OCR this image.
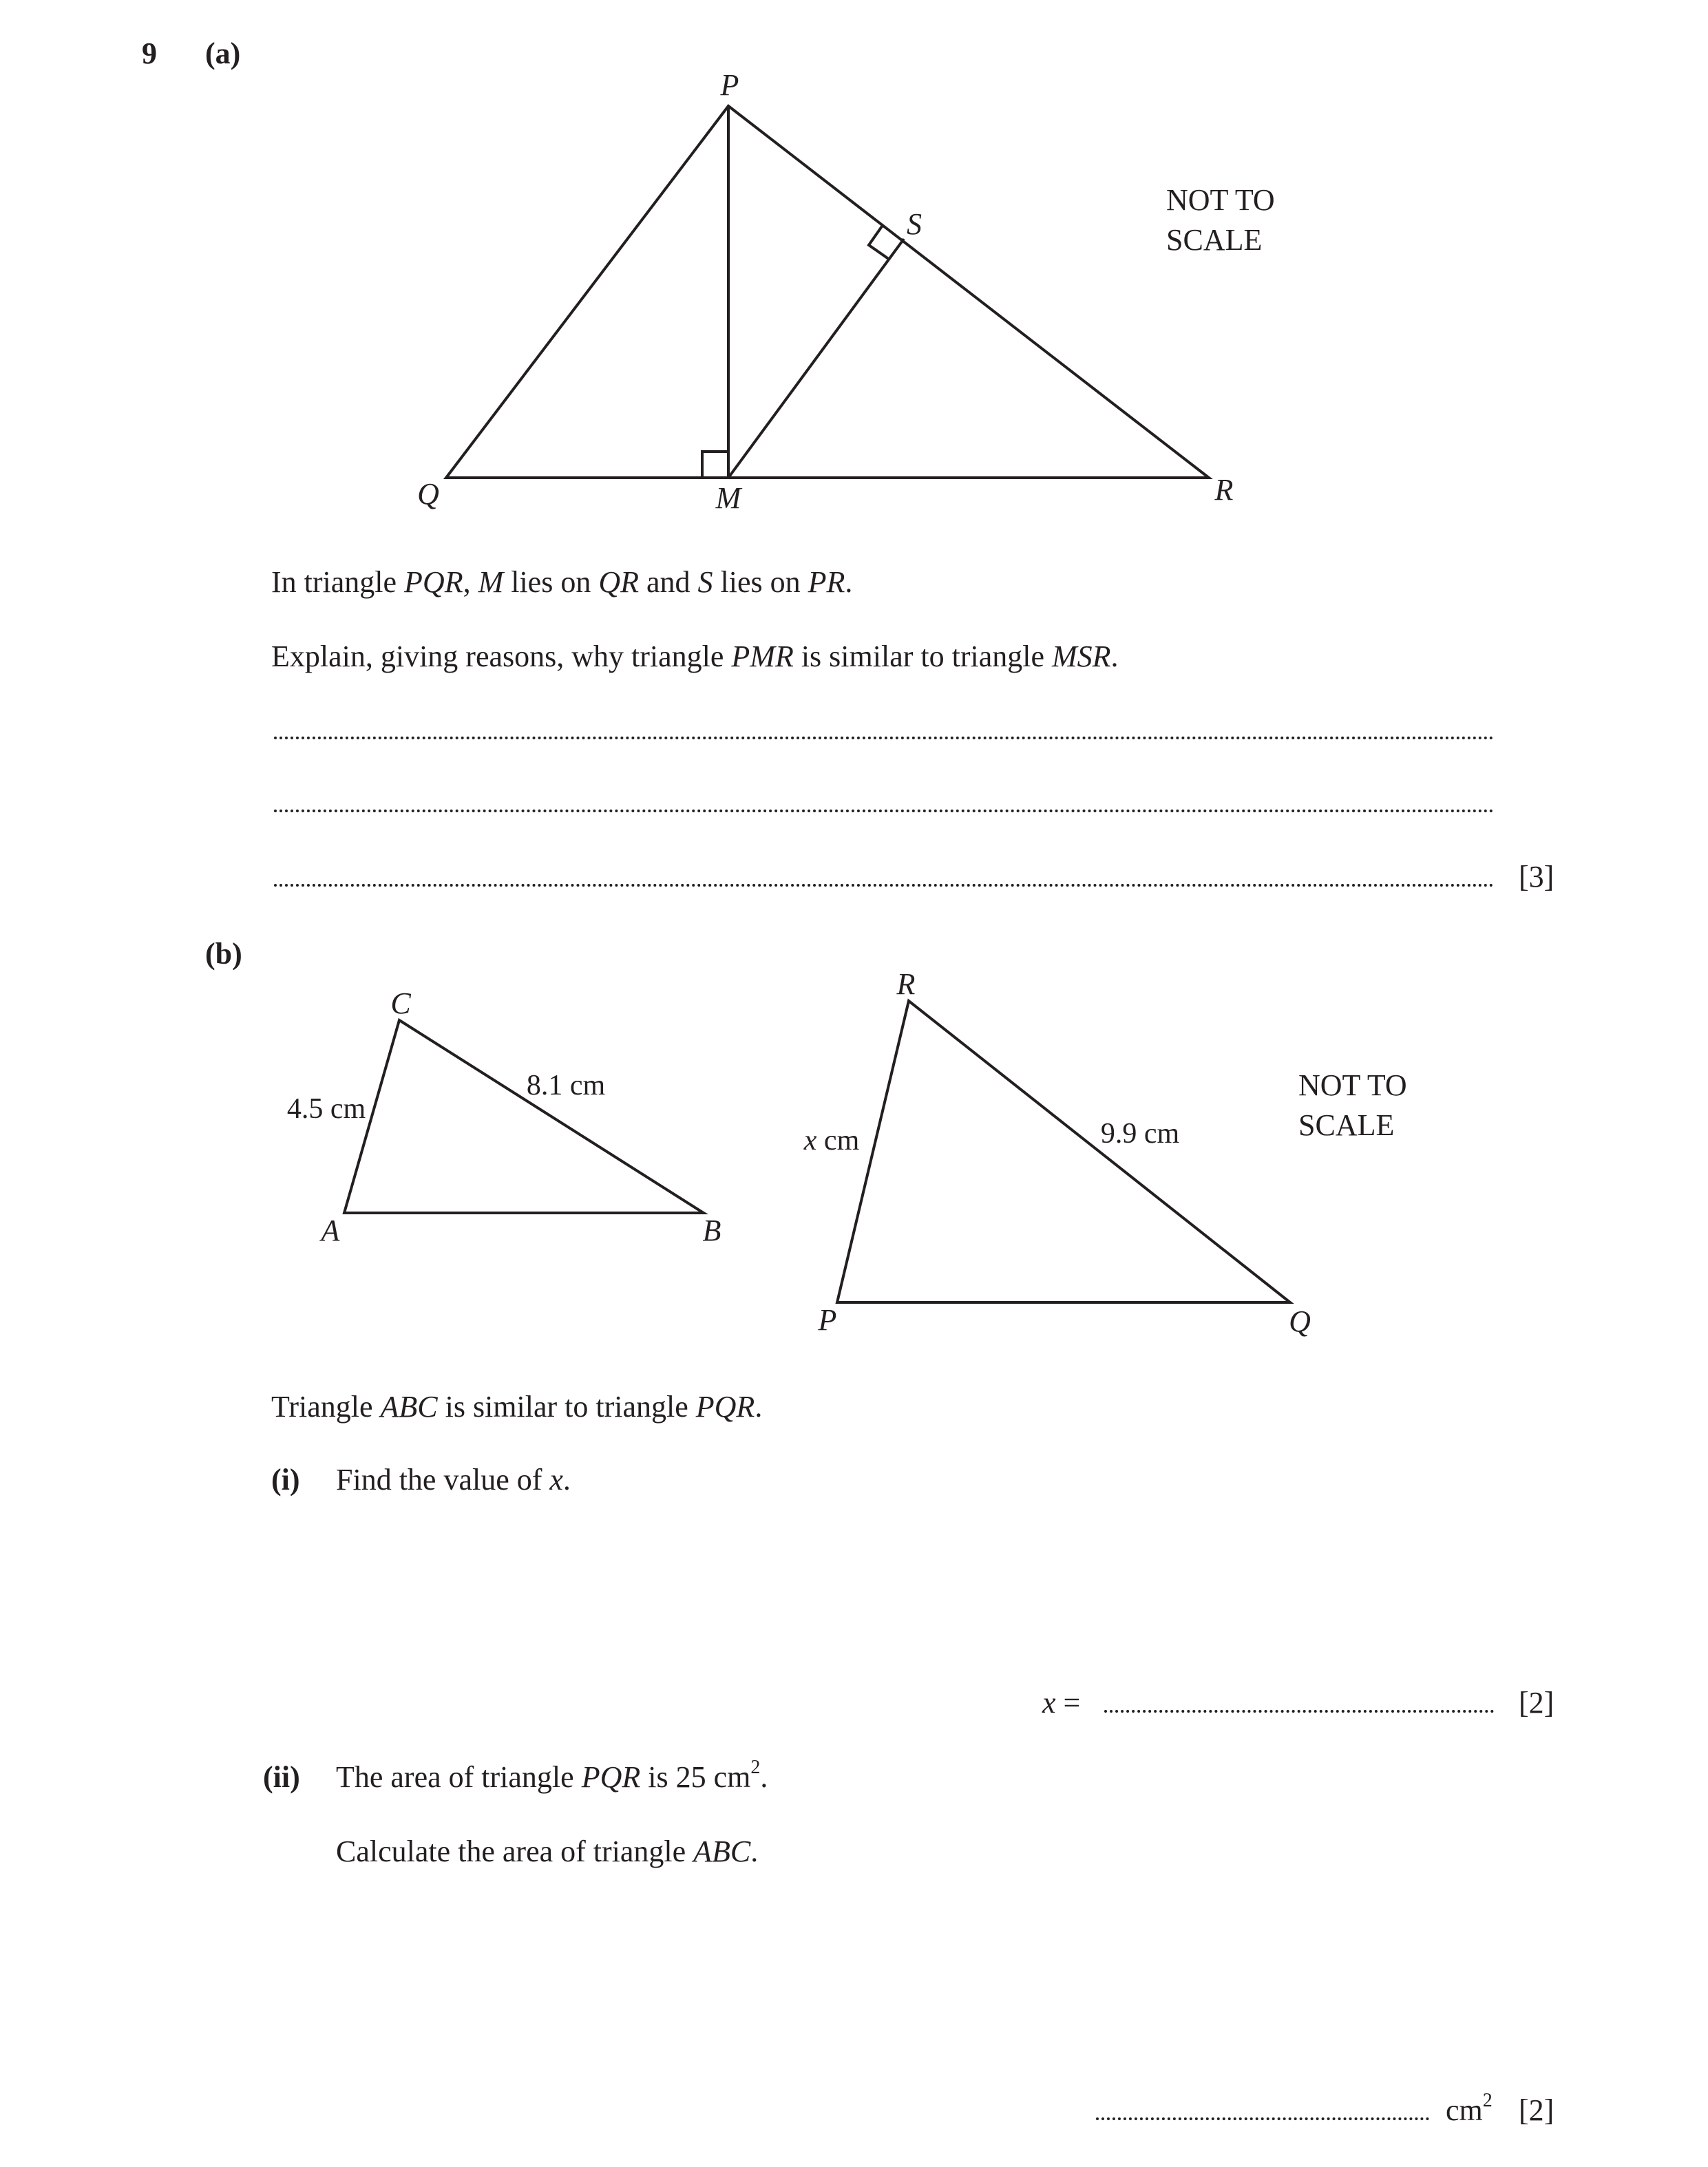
9 (a)
P
Q	M	R
S
NOT TO
SCALE
In triangle PQR, M lies on QR and S lies on PR.
Explain, giving reasons, why triangle PMR is similar to triangle MSR.
[3]
(b)
C
A	B
4.5 cm
8.1 cm
R
P	Q
x cm	9.9 cm
NOT TO
SCALE
Triangle ABC is similar to triangle PQR.
(i) Find the value of x.
x =	[2]
(ii) The area of triangle PQR is 25 $cm^2$.
Calculate the area of triangle ABC.
$cm^2$ [2]
